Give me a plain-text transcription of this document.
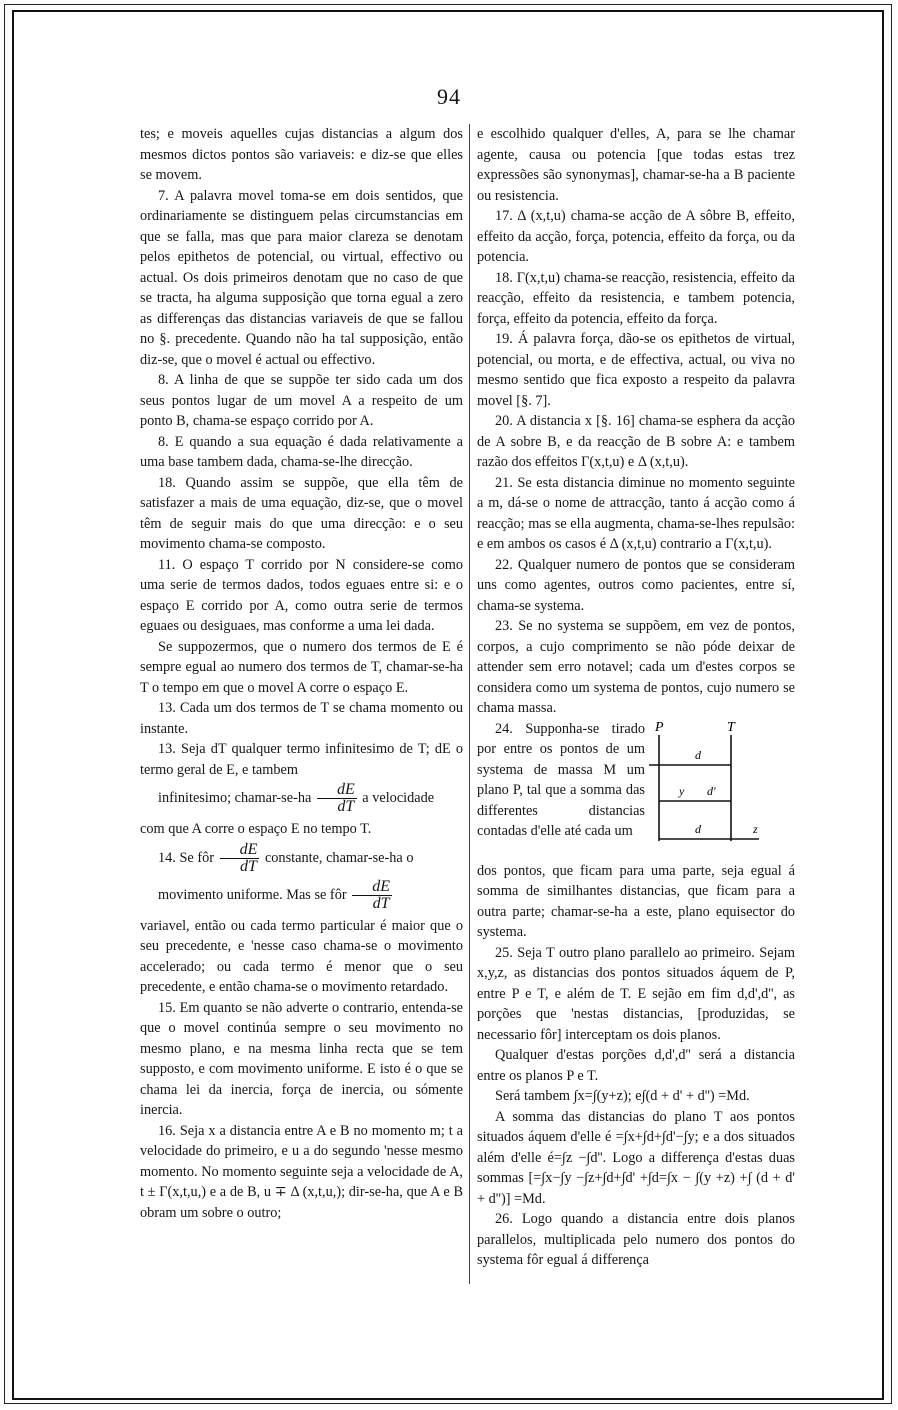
94

tes; e moveis aquelles cujas distancias a algum dos mesmos dictos pontos são variaveis: e diz-se que elles se movem.

7. A palavra movel toma-se em dois sentidos, que ordinariamente se distinguem pelas circumstancias em que se falla, mas que para maior clareza se denotam pelos epithetos de potencial, ou virtual, effectivo ou actual. Os dois primeiros denotam que no caso de que se tracta, ha alguma supposição que torna egual a zero as differenças das distancias variaveis de que se fallou no §. precedente. Quando não ha tal supposição, então diz-se, que o movel é actual ou effectivo.

8. A linha de que se suppõe ter sido cada um dos seus pontos lugar de um movel A a respeito de um ponto B, chama-se espaço corrido por A.

8. E quando a sua equação é dada relativamente a uma base tambem dada, chama-se-lhe direcção.

18. Quando assim se suppõe, que ella têm de satisfazer a mais de uma equação, diz-se, que o movel têm de seguir mais do que uma direcção: e o seu movimento chama-se composto.

11. O espaço T corrido por N considere-se como uma serie de termos dados, todos eguaes entre si: e o espaço E corrido por A, como outra serie de termos eguaes ou desiguaes, mas conforme a uma lei dada.

Se suppozermos, que o numero dos termos de E é sempre egual ao numero dos termos de T, chamar-se-ha T o tempo em que o movel A corre o espaço E.

13. Cada um dos termos de T se chama momento ou instante.

13. Seja dT qualquer termo infinitesimo de T; dE o termo geral de E, e tambem
infinitesimo; chamar-se-ha $\frac{dE}{dT}$ a velocidade
com que A corre o espaço E no tempo T.

14. Se fôr $\frac{dE}{dT}$ constante, chamar-se-ha o
movimento uniforme. Mas se fôr $\frac{dE}{dT}$
variavel, então ou cada termo particular é maior que o seu precedente, e 'nesse caso chama-se o movimento accelerado; ou cada termo é menor que o seu precedente, e então chama-se o movimento retardado.

15. Em quanto se não adverte o contrario, entenda-se que o movel continúa sempre o seu movimento no mesmo plano, e na mesma linha recta que se tem supposto, e com movimento uniforme. E isto é o que se chama lei da inercia, força de inercia, ou sómente inercia.

16. Seja x a distancia entre A e B no momento m; t a velocidade do primeiro, e u a do segundo 'nesse mesmo momento. No momento seguinte seja a velocidade de A, t ± Γ(x,t,u,) e a de B, u ∓ Δ (x,t,u,); dir-se-ha, que A e B obram um sobre o outro;

e escolhido qualquer d'elles, A, para se lhe chamar agente, causa ou potencia [que todas estas trez expressões são synonymas], chamar-se-ha a B paciente ou resistencia.

17. Δ (x,t,u) chama-se acção de A sôbre B, effeito, effeito da acção, força, potencia, effeito da força, ou da potencia.

18. Γ(x,t,u) chama-se reacção, resistencia, effeito da reacção, effeito da resistencia, e tambem potencia, força, effeito da potencia, effeito da força.

19. Á palavra força, dão-se os epithetos de virtual, potencial, ou morta, e de effectiva, actual, ou viva no mesmo sentido que fica exposto a respeito da palavra movel [§. 7].

20. A distancia x [§. 16] chama-se esphera da acção de A sobre B, e da reacção de B sobre A: e tambem razão dos effeitos Γ(x,t,u) e Δ (x,t,u).

21. Se esta distancia diminue no momento seguinte a m, dá-se o nome de attracção, tanto á acção como á reacção; mas se ella augmenta, chama-se-lhes repulsão: e em ambos os casos é Δ (x,t,u) contrario a Γ(x,t,u).

22. Qualquer numero de pontos que se consideram uns como agentes, outros como pacientes, entre sí, chama-se systema.

23. Se no systema se suppõem, em vez de pontos, corpos, a cujo comprimento se não póde deixar de attender sem erro notavel; cada um d'estes corpos se considera como um systema de pontos, cujo numero se chama massa.

24. Supponha-se tirado por entre os pontos de um systema de massa M um plano P, tal que a somma das differentes distancias contadas d'elle até cada um

P	T
d
y d'
d	z

dos pontos, que ficam para uma parte, seja egual á somma de similhantes distancias, que ficam para a outra parte; chamar-se-ha a este, plano equisector do systema.

25. Seja T outro plano parallelo ao primeiro. Sejam x,y,z, as distancias dos pontos situados áquem de P, entre P e T, e além de T. E sejão em fim d,d',d'', as porções que 'nestas distancias, [produzidas, se necessario fôr] interceptam os dois planos.

Qualquer d'estas porções d,d',d'' será a distancia entre os planos P e T.

Será tambem ∫x=∫(y+z); e∫(d + d' + d'') =Md.

A somma das distancias do plano T aos pontos situados áquem d'elle é =∫x+∫d+∫d'−∫y; e a dos situados além d'elle é=∫z −∫d''. Logo a differença d'estas duas sommas [=∫x−∫y −∫z+∫d+∫d' +∫d=∫x − ∫(y +z) +∫ (d + d' + d'')] =Md.

26. Logo quando a distancia entre dois planos parallelos, multiplicada pelo numero dos pontos do systema fôr egual á differença
